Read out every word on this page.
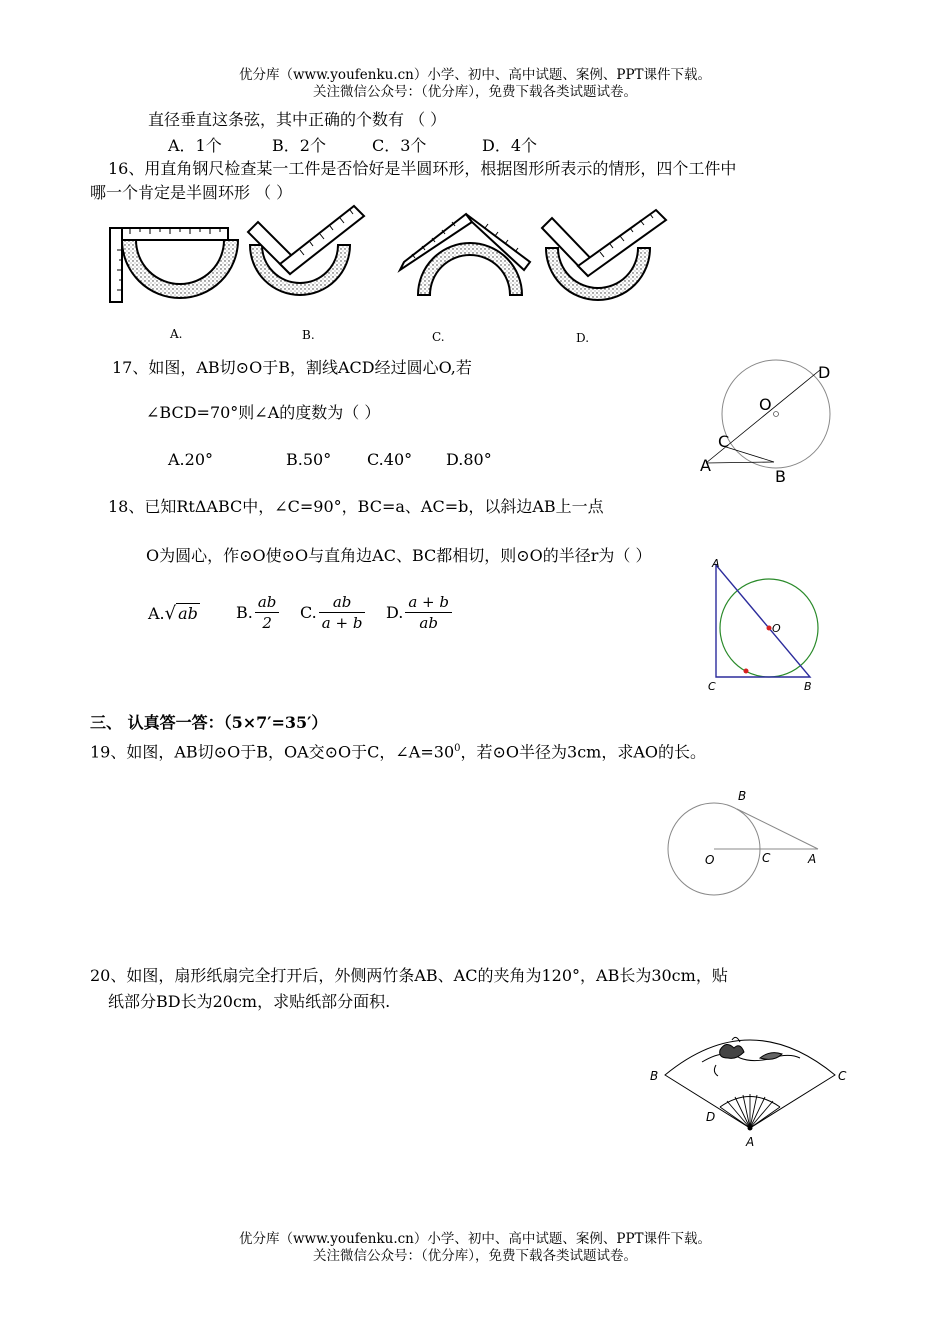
优分库（www.youfenku.cn）小学、初中、高中试题、案例、PPT课件下载。
关注微信公众号：（优分库），免费下载各类试题试卷。
直径垂直这条弦，其中正确的个数有 （ ）
A．1个	B．2个	C．3个	D．4个
16、用直角钢尺检查某一工件是否恰好是半圆环形，根据图形所表示的情形，四个工件中
哪一个肯定是半圆环形 （ ）
A.	B.	C.	D.
17、如图，AB切⊙O于B，割线ACD经过圆心O,若
∠BCD=70°则∠A的度数为（ ）
A.20°	B.50° C.40° D.80°
D
O
C
A
B
18、已知RtΔABC中，∠C=90°，BC=a、AC=b，以斜边AB上一点
O为圆心，作⊙O使⊙O与直角边AC、BC都相切，则⊙O的半径r为（ ）
A.√ ab B. $\frac{ab}{2} C$. $\frac{ab}{a + b} D$. $\frac{a + b}{ab}$
A
O
C	B
三、 认真答一答：（5×7′=35′）
19、如图，AB切⊙O于B，OA交⊙O于C，$\angle A=30^0$，若⊙O半径为3cm，求AO的长。
B
O	C	A
20、如图，扇形纸扇完全打开后，外侧两竹条AB、AC的夹角为120°，AB长为30cm，贴
纸部分BD长为20cm，求贴纸部分面积.
B	C
D
A
优分库（www.youfenku.cn）小学、初中、高中试题、案例、PPT课件下载。
关注微信公众号：（优分库），免费下载各类试题试卷。
